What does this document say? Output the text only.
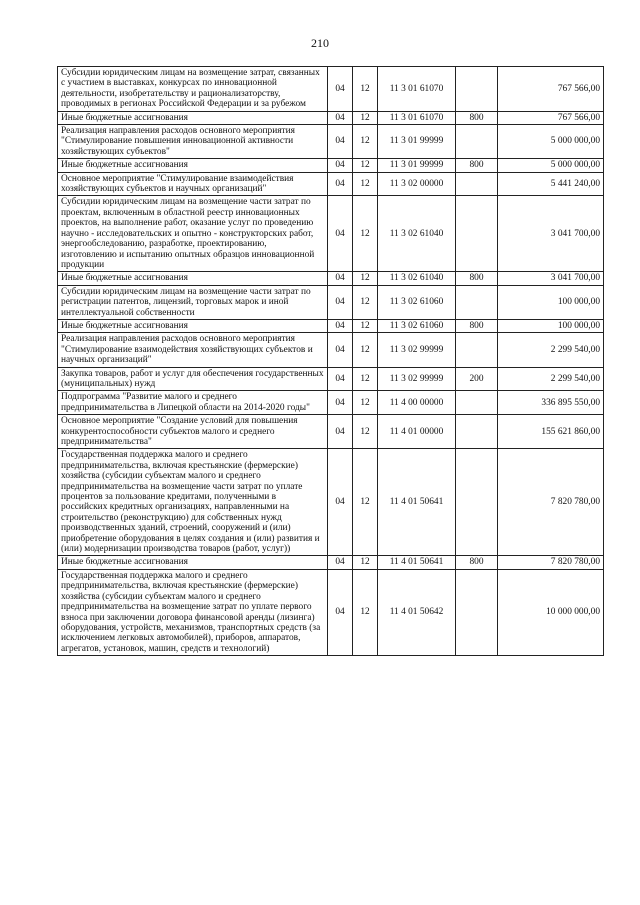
210
Субсидии юридическим лицам на возмещение затрат, связанных с участием в выставках, конкурсах по инновационной деятельности, изобретательству и рационализаторству, проводимых в регионах Российской Федерации и за рубежом	04	12	11 3 01 61070		767 566,00
Иные бюджетные ассигнования	04	12	11 3 01 61070	800	767 566,00
Реализация направления расходов основного мероприятия "Стимулирование повышения инновационной активности хозяйствующих субъектов"	04	12	11 3 01 99999		5 000 000,00
Иные бюджетные ассигнования	04	12	11 3 01 99999	800	5 000 000,00
Основное мероприятие "Стимулирование взаимодействия хозяйствующих субъектов и научных организаций"	04	12	11 3 02 00000		5 441 240,00
Субсидии юридическим лицам на возмещение части затрат по проектам, включенным в областной реестр инновационных проектов, на выполнение работ, оказание услуг по проведению научно - исследовательских и опытно - конструкторских работ, энергообследованию, разработке, проектированию, изготовлению и испытанию опытных образцов инновационной продукции	04	12	11 3 02 61040		3 041 700,00
Иные бюджетные ассигнования	04	12	11 3 02 61040	800	3 041 700,00
Субсидии юридическим лицам на возмещение части затрат по регистрации патентов, лицензий, торговых марок и иной интеллектуальной собственности	04	12	11 3 02 61060		100 000,00
Иные бюджетные ассигнования	04	12	11 3 02 61060	800	100 000,00
Реализация направления расходов основного мероприятия "Стимулирование взаимодействия хозяйствующих субъектов и научных организаций"	04	12	11 3 02 99999		2 299 540,00
Закупка товаров, работ и услуг для обеспечения государственных (муниципальных) нужд	04	12	11 3 02 99999	200	2 299 540,00
Подпрограмма "Развитие малого и среднего предпринимательства в Липецкой области на 2014-2020 годы"	04	12	11 4 00 00000		336 895 550,00
Основное мероприятие "Создание условий для повышения конкурентоспособности субъектов малого и среднего предпринимательства"	04	12	11 4 01 00000		155 621 860,00
Государственная поддержка малого и среднего предпринимательства, включая крестьянские (фермерские) хозяйства (субсидии субъектам малого и среднего предпринимательства на возмещение части затрат по уплате процентов за пользование кредитами, полученными в российских кредитных организациях, направленными на строительство (реконструкцию) для собственных нужд производственных зданий, строений, сооружений и (или) приобретение оборудования в целях создания и (или) развития и (или) модернизации производства товаров (работ, услуг))	04	12	11 4 01 50641		7 820 780,00
Иные бюджетные ассигнования	04	12	11 4 01 50641	800	7 820 780,00
Государственная поддержка малого и среднего предпринимательства, включая крестьянские (фермерские) хозяйства (субсидии субъектам малого и среднего предпринимательства на возмещение затрат по уплате первого взноса при заключении договора финансовой аренды (лизинга) оборудования, устройств, механизмов, транспортных средств (за исключением легковых автомобилей), приборов, аппаратов, агрегатов, установок, машин, средств и технологий)	04	12	11 4 01 50642		10 000 000,00
